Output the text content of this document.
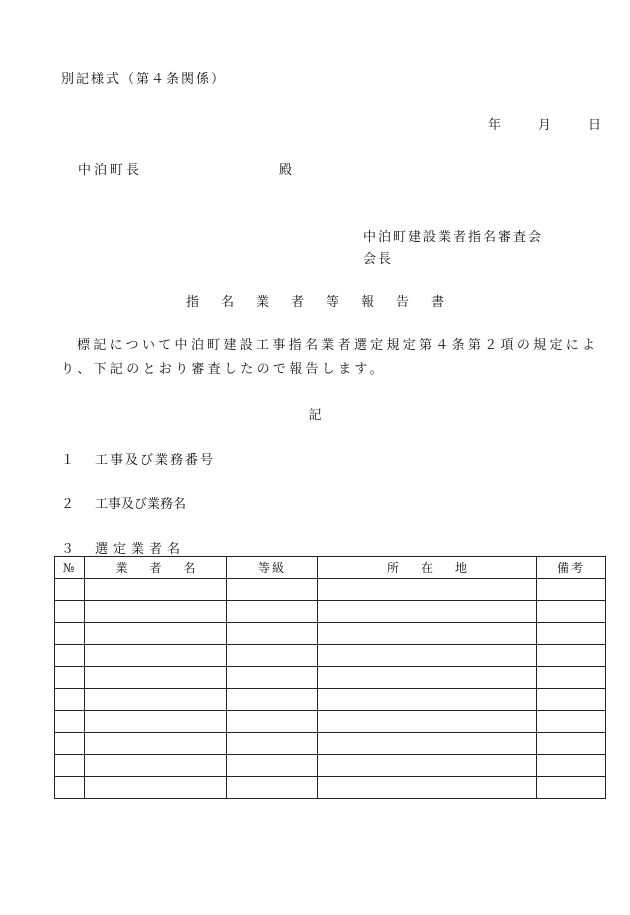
別記様式（第４条関係）
年	月	日
中泊町長	殿
中泊町建設業者指名審査会
会長
指名業者等報告書
標記について中泊町建設工事指名業者選定規定第４条第２項の規定により、下記のとおり審査したので報告します。
記
１ 工事及び業務番号
２ 工事及び業務名
３ 選定業者名
№	業者名	等級	所在地	備考
